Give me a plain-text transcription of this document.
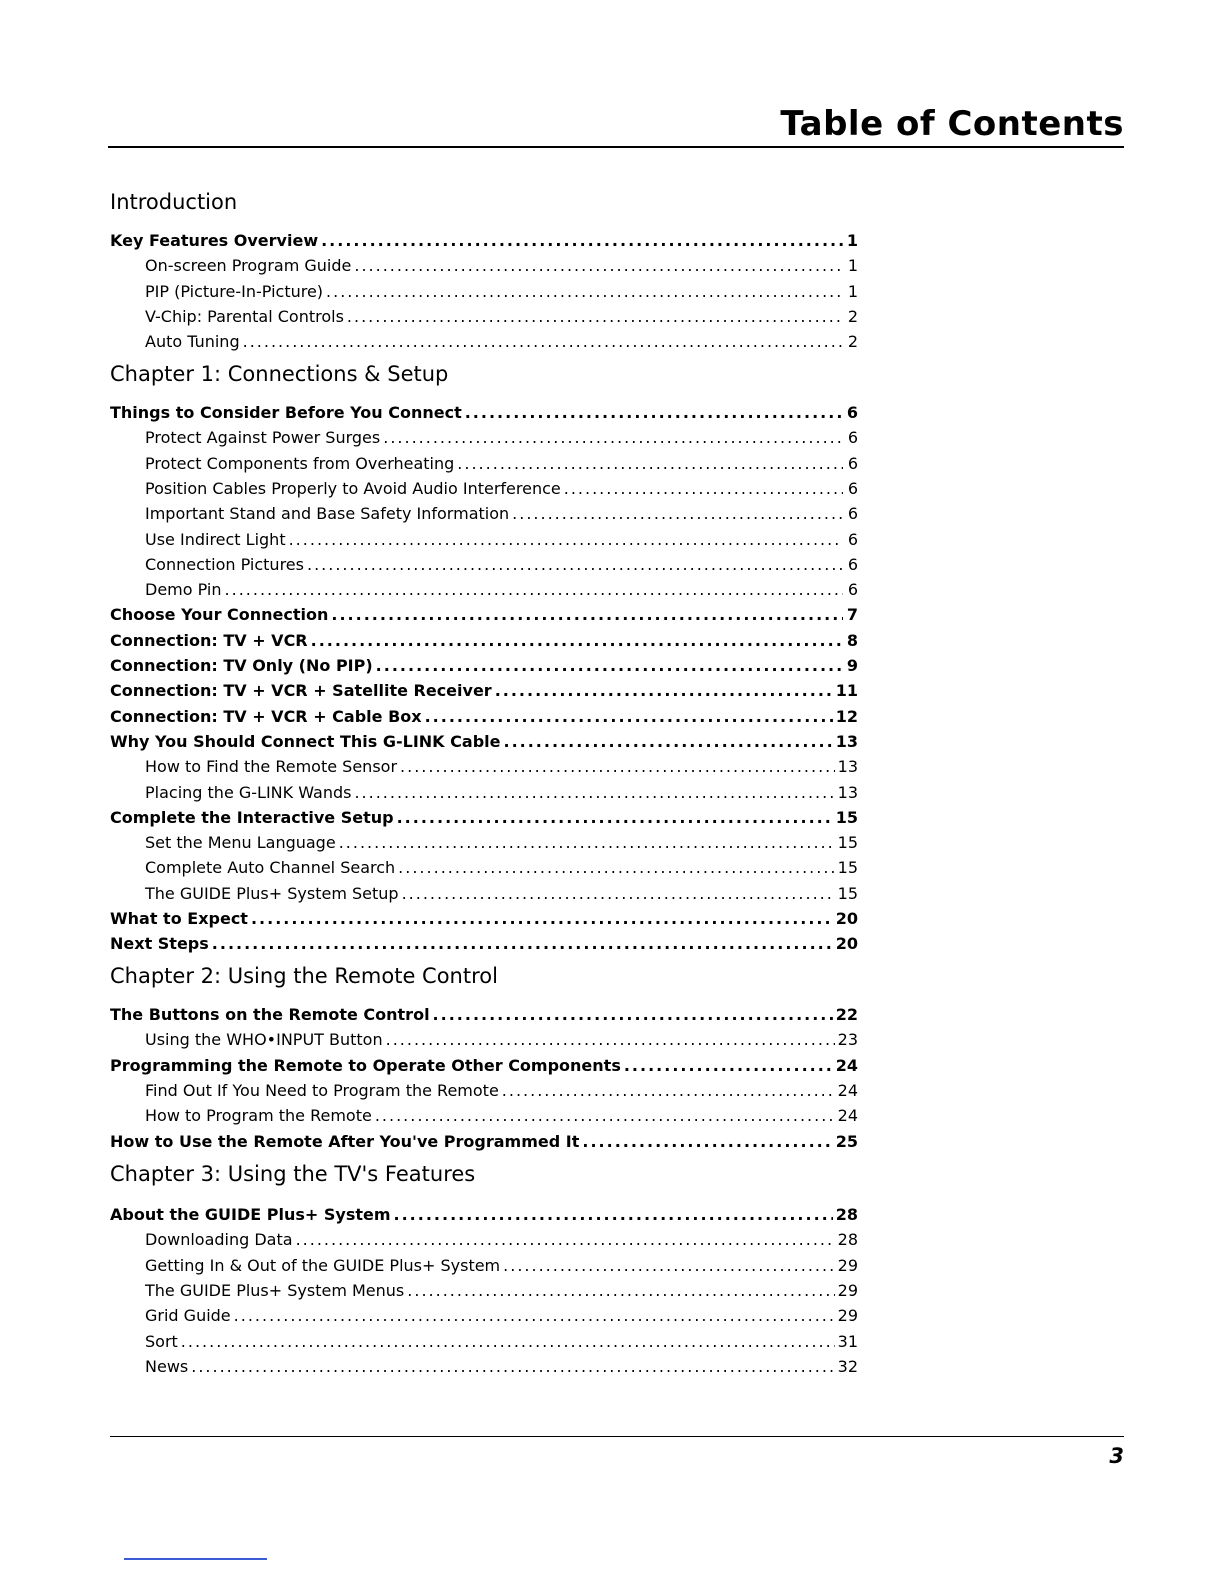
Table of Contents
Introduction
Key Features Overview .....	1
On-screen Program Guide .....	1
PIP (Picture-In-Picture) .....	1
V-Chip: Parental Controls .....	2
Auto Tuning .....	2
Chapter 1: Connections & Setup
Things to Consider Before You Connect .....	6
Protect Against Power Surges .....	6
Protect Components from Overheating .....	6
Position Cables Properly to Avoid Audio Interference .....	6
Important Stand and Base Safety Information .....	6
Use Indirect Light .....	6
Connection Pictures .....	6
Demo Pin .....	6
Choose Your Connection .....	7
Connection: TV + VCR .....	8
Connection: TV Only (No PIP) .....	9
Connection: TV + VCR + Satellite Receiver .....	11
Connection: TV + VCR + Cable Box .....	12
Why You Should Connect This G-LINK Cable .....	13
How to Find the Remote Sensor .....	13
Placing the G-LINK Wands .....	13
Complete the Interactive Setup .....	15
Set the Menu Language .....	15
Complete Auto Channel Search .....	15
The GUIDE Plus+ System Setup .....	15
What to Expect .....	20
Next Steps .....	20
Chapter 2: Using the Remote Control
The Buttons on the Remote Control .....	22
Using the WHO•INPUT Button .....	23
Programming the Remote to Operate Other Components .....	24
Find Out If You Need to Program the Remote .....	24
How to Program the Remote .....	24
How to Use the Remote After You've Programmed It .....	25
Chapter 3: Using the TV's Features
About the GUIDE Plus+ System .....	28
Downloading Data .....	28
Getting In & Out of the GUIDE Plus+ System .....	29
The GUIDE Plus+ System Menus .....	29
Grid Guide .....	29
Sort .....	31
News .....	32
3
